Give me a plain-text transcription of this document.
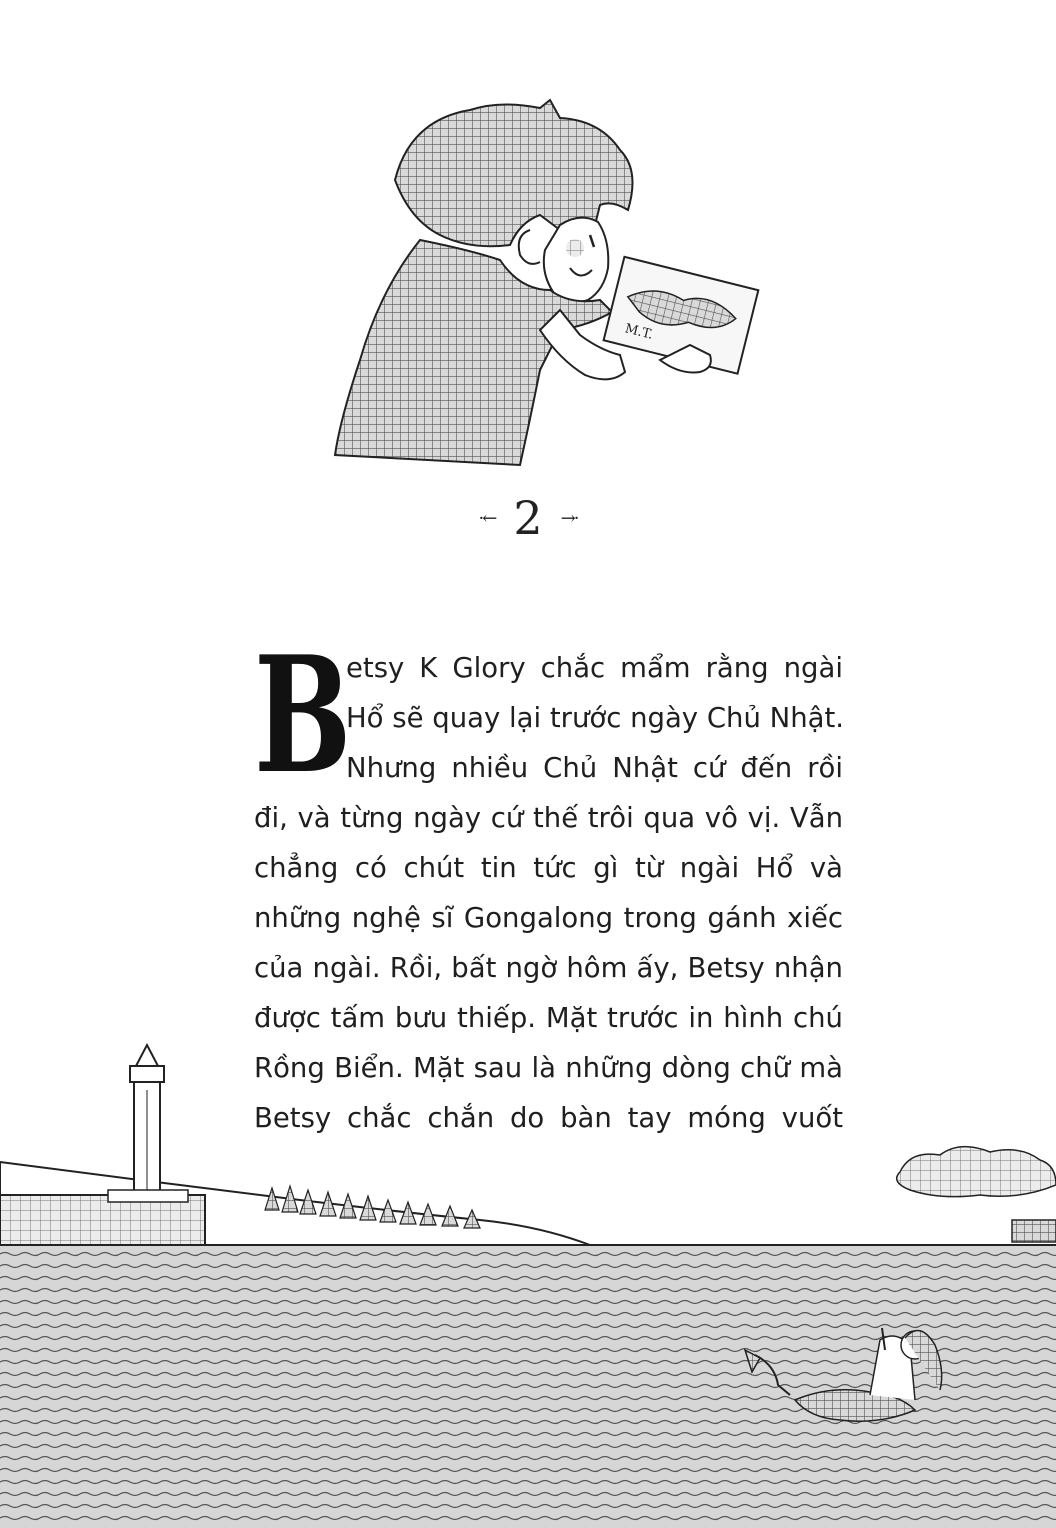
M.T.
·← 2 →·
B
etsy K Glory chắc mẩm rằng ngài
Hổ sẽ quay lại trước ngày Chủ Nhật.
Nhưng nhiều Chủ Nhật cứ đến rồi
đi, và từng ngày cứ thế trôi qua vô vị. Vẫn
chẳng có chút tin tức gì từ ngài Hổ và
những nghệ sĩ Gongalong trong gánh xiếc
của ngài. Rồi, bất ngờ hôm ấy, Betsy nhận
được tấm bưu thiếp. Mặt trước in hình chú
Rồng Biển. Mặt sau là những dòng chữ mà
Betsy chắc chắn do bàn tay móng vuốt
